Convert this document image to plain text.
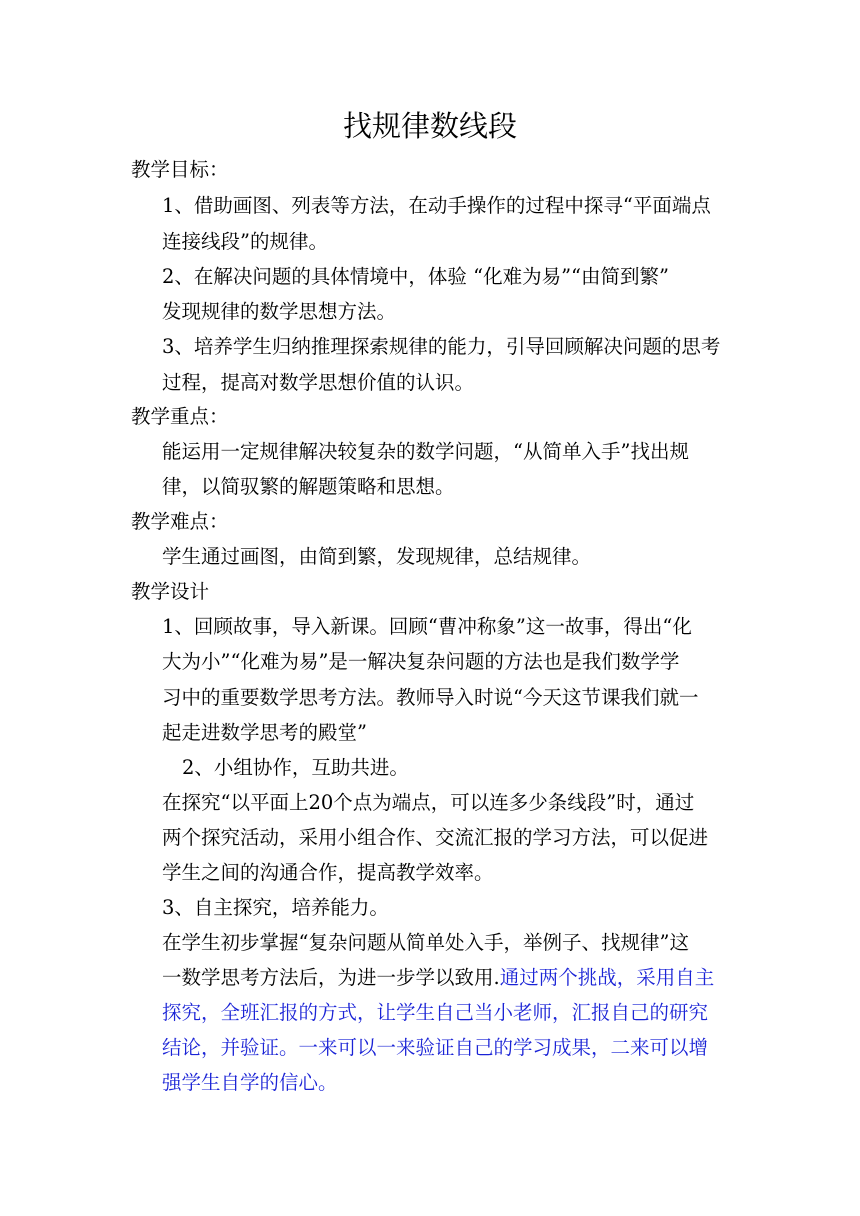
找规律数线段
教学目标：
1、借助画图、列表等方法，在动手操作的过程中探寻“平面端点
连接线段”的规律。
2、在解决问题的具体情境中，体验 “化难为易”“由简到繁”
发现规律的数学思想方法。
3、培养学生归纳推理探索规律的能力，引导回顾解决问题的思考
过程，提高对数学思想价值的认识。
教学重点：
能运用一定规律解决较复杂的数学问题，“从简单入手”找出规
律，以简驭繁的解题策略和思想。
教学难点：
学生通过画图，由简到繁，发现规律，总结规律。
教学设计
1、回顾故事，导入新课。回顾“曹冲称象”这一故事，得出“化
大为小”“化难为易”是一解决复杂问题的方法也是我们数学学
习中的重要数学思考方法。教师导入时说“今天这节课我们就一
起走进数学思考的殿堂”
2、小组协作，互助共进。
在探究“以平面上20个点为端点，可以连多少条线段”时，通过
两个探究活动，采用小组合作、交流汇报的学习方法，可以促进
学生之间的沟通合作，提高教学效率。
3、自主探究，培养能力。
在学生初步掌握“复杂问题从简单处入手，举例子、找规律”这
一数学思考方法后，为进一步学以致用.通过两个挑战，采用自主
探究，全班汇报的方式，让学生自己当小老师，汇报自己的研究
结论，并验证。一来可以一来验证自己的学习成果，二来可以增
强学生自学的信心。
